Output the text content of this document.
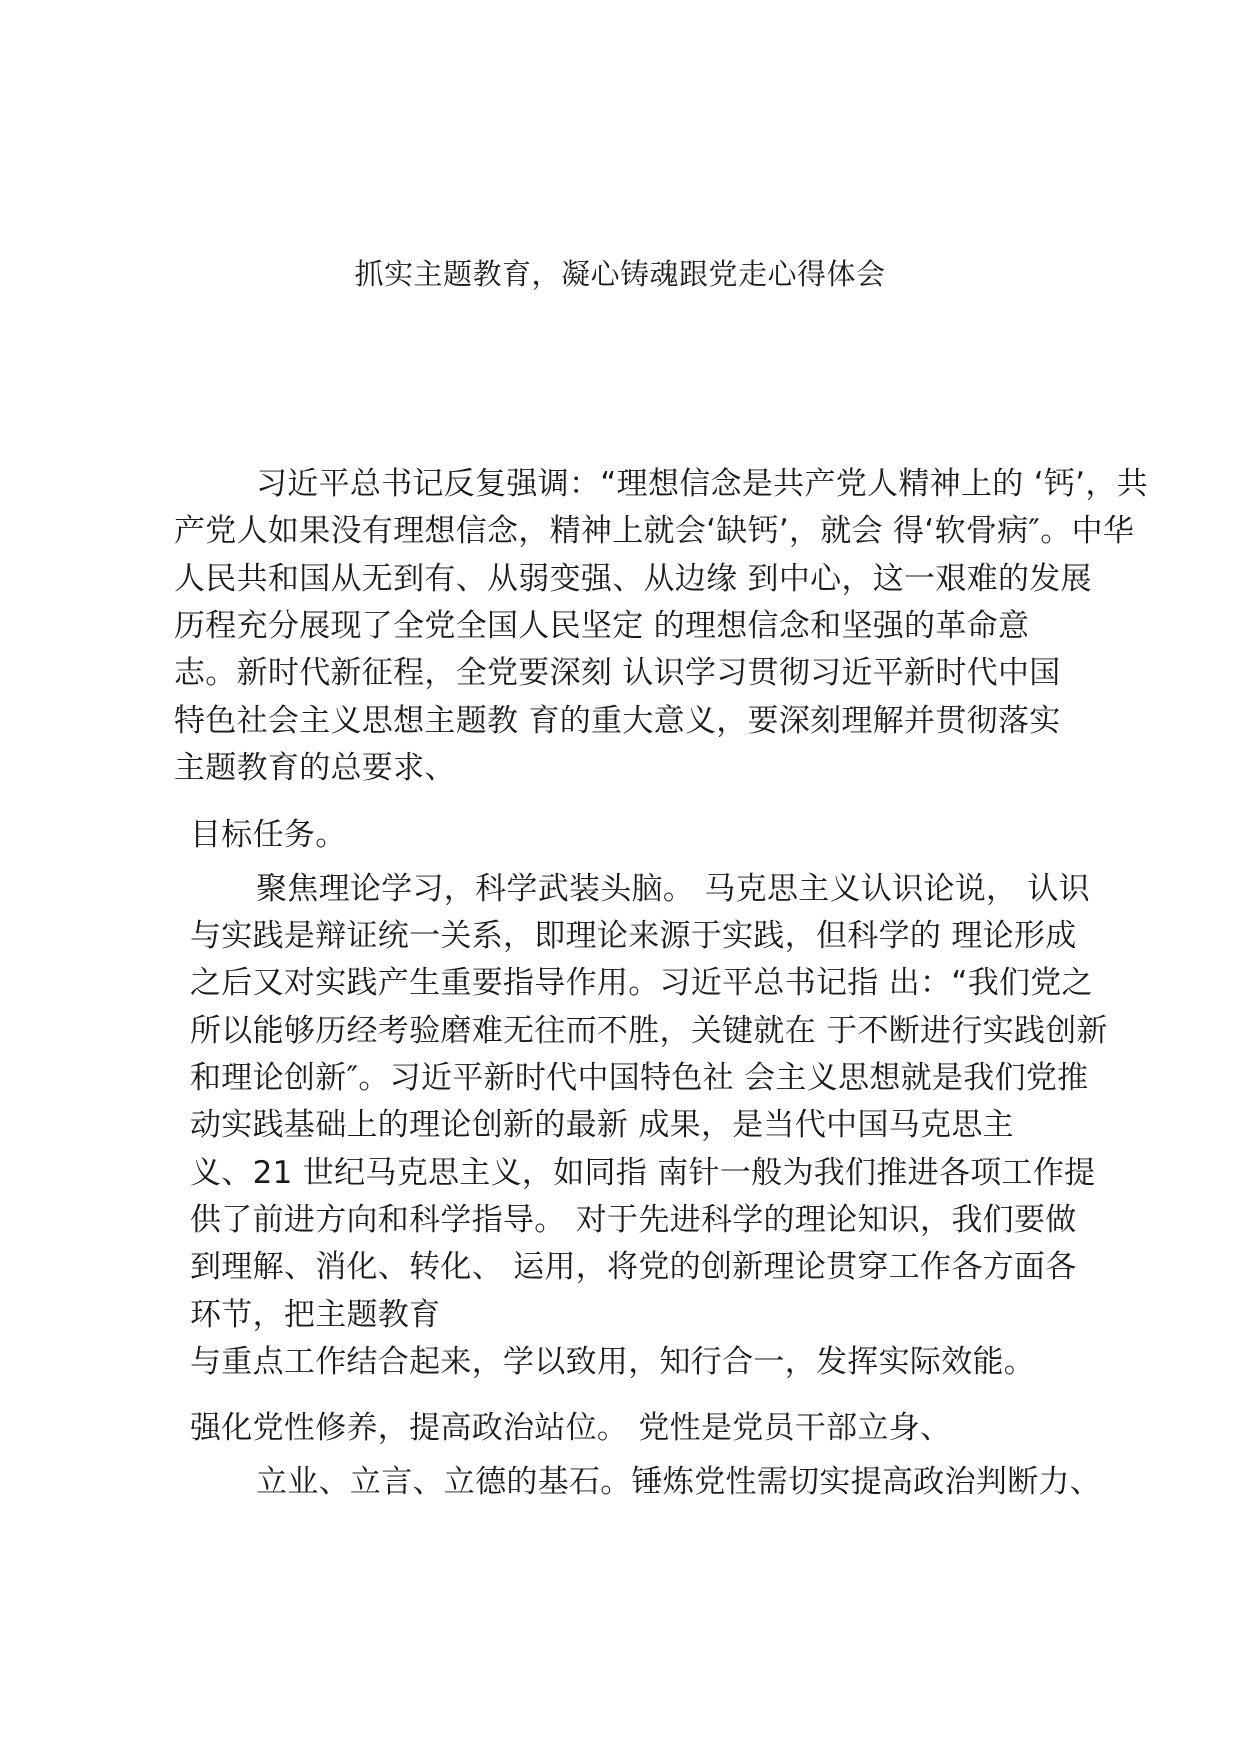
抓实主题教育，凝心铸魂跟党走心得体会
习近平总书记反复强调：“理想信念是共产党人精神上的 ‘钙’，共
产党人如果没有理想信念，精神上就会‘缺钙’，就会 得‘软骨病″。中华
人民共和国从无到有、从弱变强、从边缘 到中心，这一艰难的发展
历程充分展现了全党全国人民坚定 的理想信念和坚强的革命意
志。新时代新征程，全党要深刻 认识学习贯彻习近平新时代中国
特色社会主义思想主题教 育的重大意义，要深刻理解并贯彻落实
主题教育的总要求、
目标任务。
聚焦理论学习，科学武装头脑。 马克思主义认识论说， 认识
与实践是辩证统一关系，即理论来源于实践，但科学的 理论形成
之后又对实践产生重要指导作用。习近平总书记指 出：“我们党之
所以能够历经考验磨难无往而不胜，关键就在 于不断进行实践创新
和理论创新″。习近平新时代中国特色社 会主义思想就是我们党推
动实践基础上的理论创新的最新 成果，是当代中国马克思主
义、21 世纪马克思主义，如同指 南针一般为我们推进各项工作提
供了前进方向和科学指导。 对于先进科学的理论知识，我们要做
到理解、消化、转化、 运用，将党的创新理论贯穿工作各方面各
环节，把主题教育
与重点工作结合起来，学以致用，知行合一，发挥实际效能。
强化党性修养，提高政治站位。 党性是党员干部立身、
立业、立言、立德的基石。锤炼党性需切实提高政治判断力、
